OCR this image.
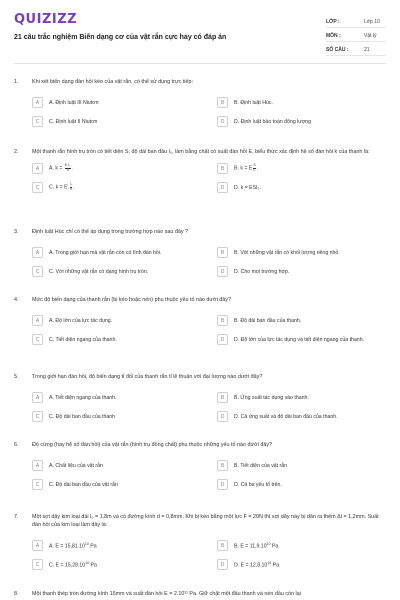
QUIZIZZ
21 câu trắc nghiệm Biến dạng cơ của vật rắn cực hay có đáp án
LỚP :	Lớp 10
MÔN :	Vật lý
SỐ CÂU :	21
1.	Khi xét biến dạng đàn hồi kéo của vật rắn, có thể sử dụng trực tiếp:
A	A. Định luật III Niutơn	B	B. Định luật Húc.
C	C. Định luật II Niutơn	D	D. Định luật bảo toàn động lượng
2.	Một thanh rắn hình trụ tròn có tiết diện S, độ dài ban đầu l₀, làm bằng chất có suất đàn hồi E, biểu thức xác định hệ số đàn hồi k của thanh là:
A	A. $k = \frac{\text{E.l₀}}{S}$ .	B	B. k = E $\frac{S}{\text{l₀}}$ .
C	C. k = E. $\frac{\text{l₀}}{S}$ .	D	D. k = ESl₀.
3.	Định luật Húc chỉ có thể áp dụng trong trường hợp nào sau đây ?
A	A. Trong giới hạn mà vật rắn còn có tính đàn hồi.	B	B. Với những vật rắn có khối lượng riêng nhỏ.
C	C. Với những vật rắn có dạng hình trụ tròn.	D	D. Cho mọi trường hợp.
4.	Mức độ biến dạng của thanh rắn (bị kéo hoặc nén) phụ thuộc yếu tố nào dưới đây?
A	A. Độ lớn của lực tác dụng.	B	B. Độ dài ban đầu của thanh.
C	C. Tiết diện ngang của thanh.	D	D. Độ lớn của lực tác dụng và tiết diện ngang của thanh.
5.	Trong giới hạn đàn hồi, độ biến dạng tỉ đối của thanh rắn tỉ lệ thuận với đại lượng nào dưới đây?
A	A. Tiết diện ngang của thanh.	B	B. Ứng suất tác dụng vào thanh.
C	C. Độ dài ban đầu của thanh	D	D. Cả ứng suất và độ dài ban đầu của thanh.
6.	Độ cứng (hay hệ số đàn hồi) của vật rắn (hình trụ đồng chất) phụ thuộc những yếu tố nào dưới đây?
A	A. Chất liệu của vật rắn	B	B. Tiết diện của vật rắn
C	C. Độ dài ban đầu của vật rắn	D	D. Cả ba yếu tố trên.
7.	Một sợi dây kim loại dài l₀ = 1,8m và có đường kính d = 0,8mm. Khi bị kéo bằng một lực F = 20N thì sợi dây này bị dãn ra thêm Δl = 1,2mm. Suất đàn hồi của kim loại làm dây là:
A	A. $E = 15,81.10^{10}$ Pa	B	B. $E = 11,9.10^{10}$ Pa
C	C. $E = 15,28.10^{10}$ Pa	D	D. $E = 12,8.10^{10}$ Pa
8.	Một thanh thép tròn đường kính 16mm và suất đàn hồi E = 2.10¹¹ Pa. Giữ chặt một đầu thanh và nén đầu còn lại
